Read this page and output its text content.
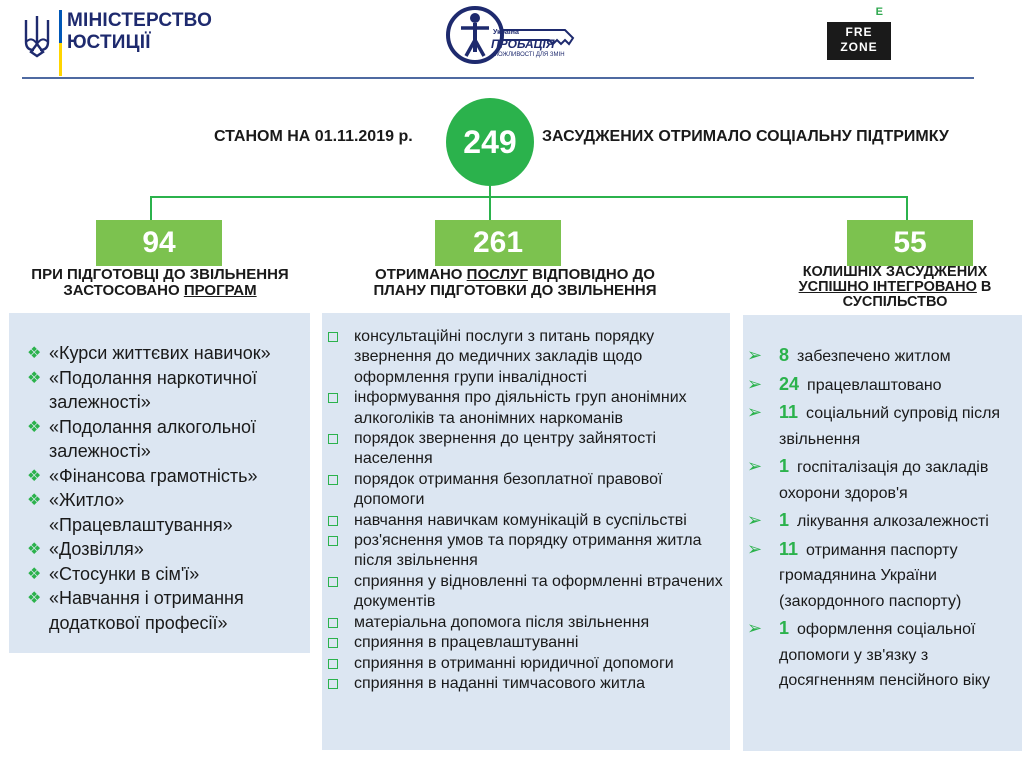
МІНІСТЕРСТВО
ЮСТИЦІЇ	Україна
ПРОБАЦІЯ
МОЖЛИВОСТІ ДЛЯ ЗМІН
E
FRE
ZONE
СТАНОМ НА 01.11.2019 р.	249	ЗАСУДЖЕНИХ ОТРИМАЛО СОЦІАЛЬНУ ПІДТРИМКУ
94
ПРИ ПІДГОТОВЦІ ДО ЗВІЛЬНЕННЯ
ЗАСТОСОВАНО ПРОГРАМ
❖ «Курси життєвих навичок»
❖ «Подолання наркотичної залежності»
❖ «Подолання алкогольної залежності»
❖ «Фінансова грамотність»
❖ «Житло» «Працевлаштування»
❖ «Дозвілля»
❖ «Стосунки в сім'ї»
❖ «Навчання і отримання додаткової професії»
261
ОТРИМАНО ПОСЛУГ ВІДПОВІДНО ДО
ПЛАНУ ПІДГОТОВКИ ДО ЗВІЛЬНЕННЯ
консультаційні послуги з питань порядку звернення до медичних закладів щодо оформлення групи інвалідності
інформування про діяльність груп анонімних алкоголіків та анонімних наркоманів
порядок звернення до центру зайнятості населення
порядок отримання безоплатної правової допомоги
навчання навичкам комунікацій в суспільстві
роз'яснення умов та порядку отримання житла після звільнення
сприяння у відновленні та оформленні втрачених документів
матеріальна допомога після звільнення
сприяння в працевлаштуванні
сприяння в отриманні юридичної допомоги
сприяння в наданні тимчасового житла
55
КОЛИШНІХ ЗАСУДЖЕНИХ
УСПІШНО ІНТЕГРОВАНО В
СУСПІЛЬСТВО
➢ 8 забезпечено житлом
➢ 24 працевлаштовано
➢ 11 соціальний супровід після звільнення
➢ 1 госпіталізація до закладів охорони здоров'я
➢ 1 лікування алкозалежності
➢ 11 отримання паспорту громадянина України (закордонного паспорту)
➢ 1 оформлення соціальної допомоги у зв'язку з досягненням пенсійного віку
